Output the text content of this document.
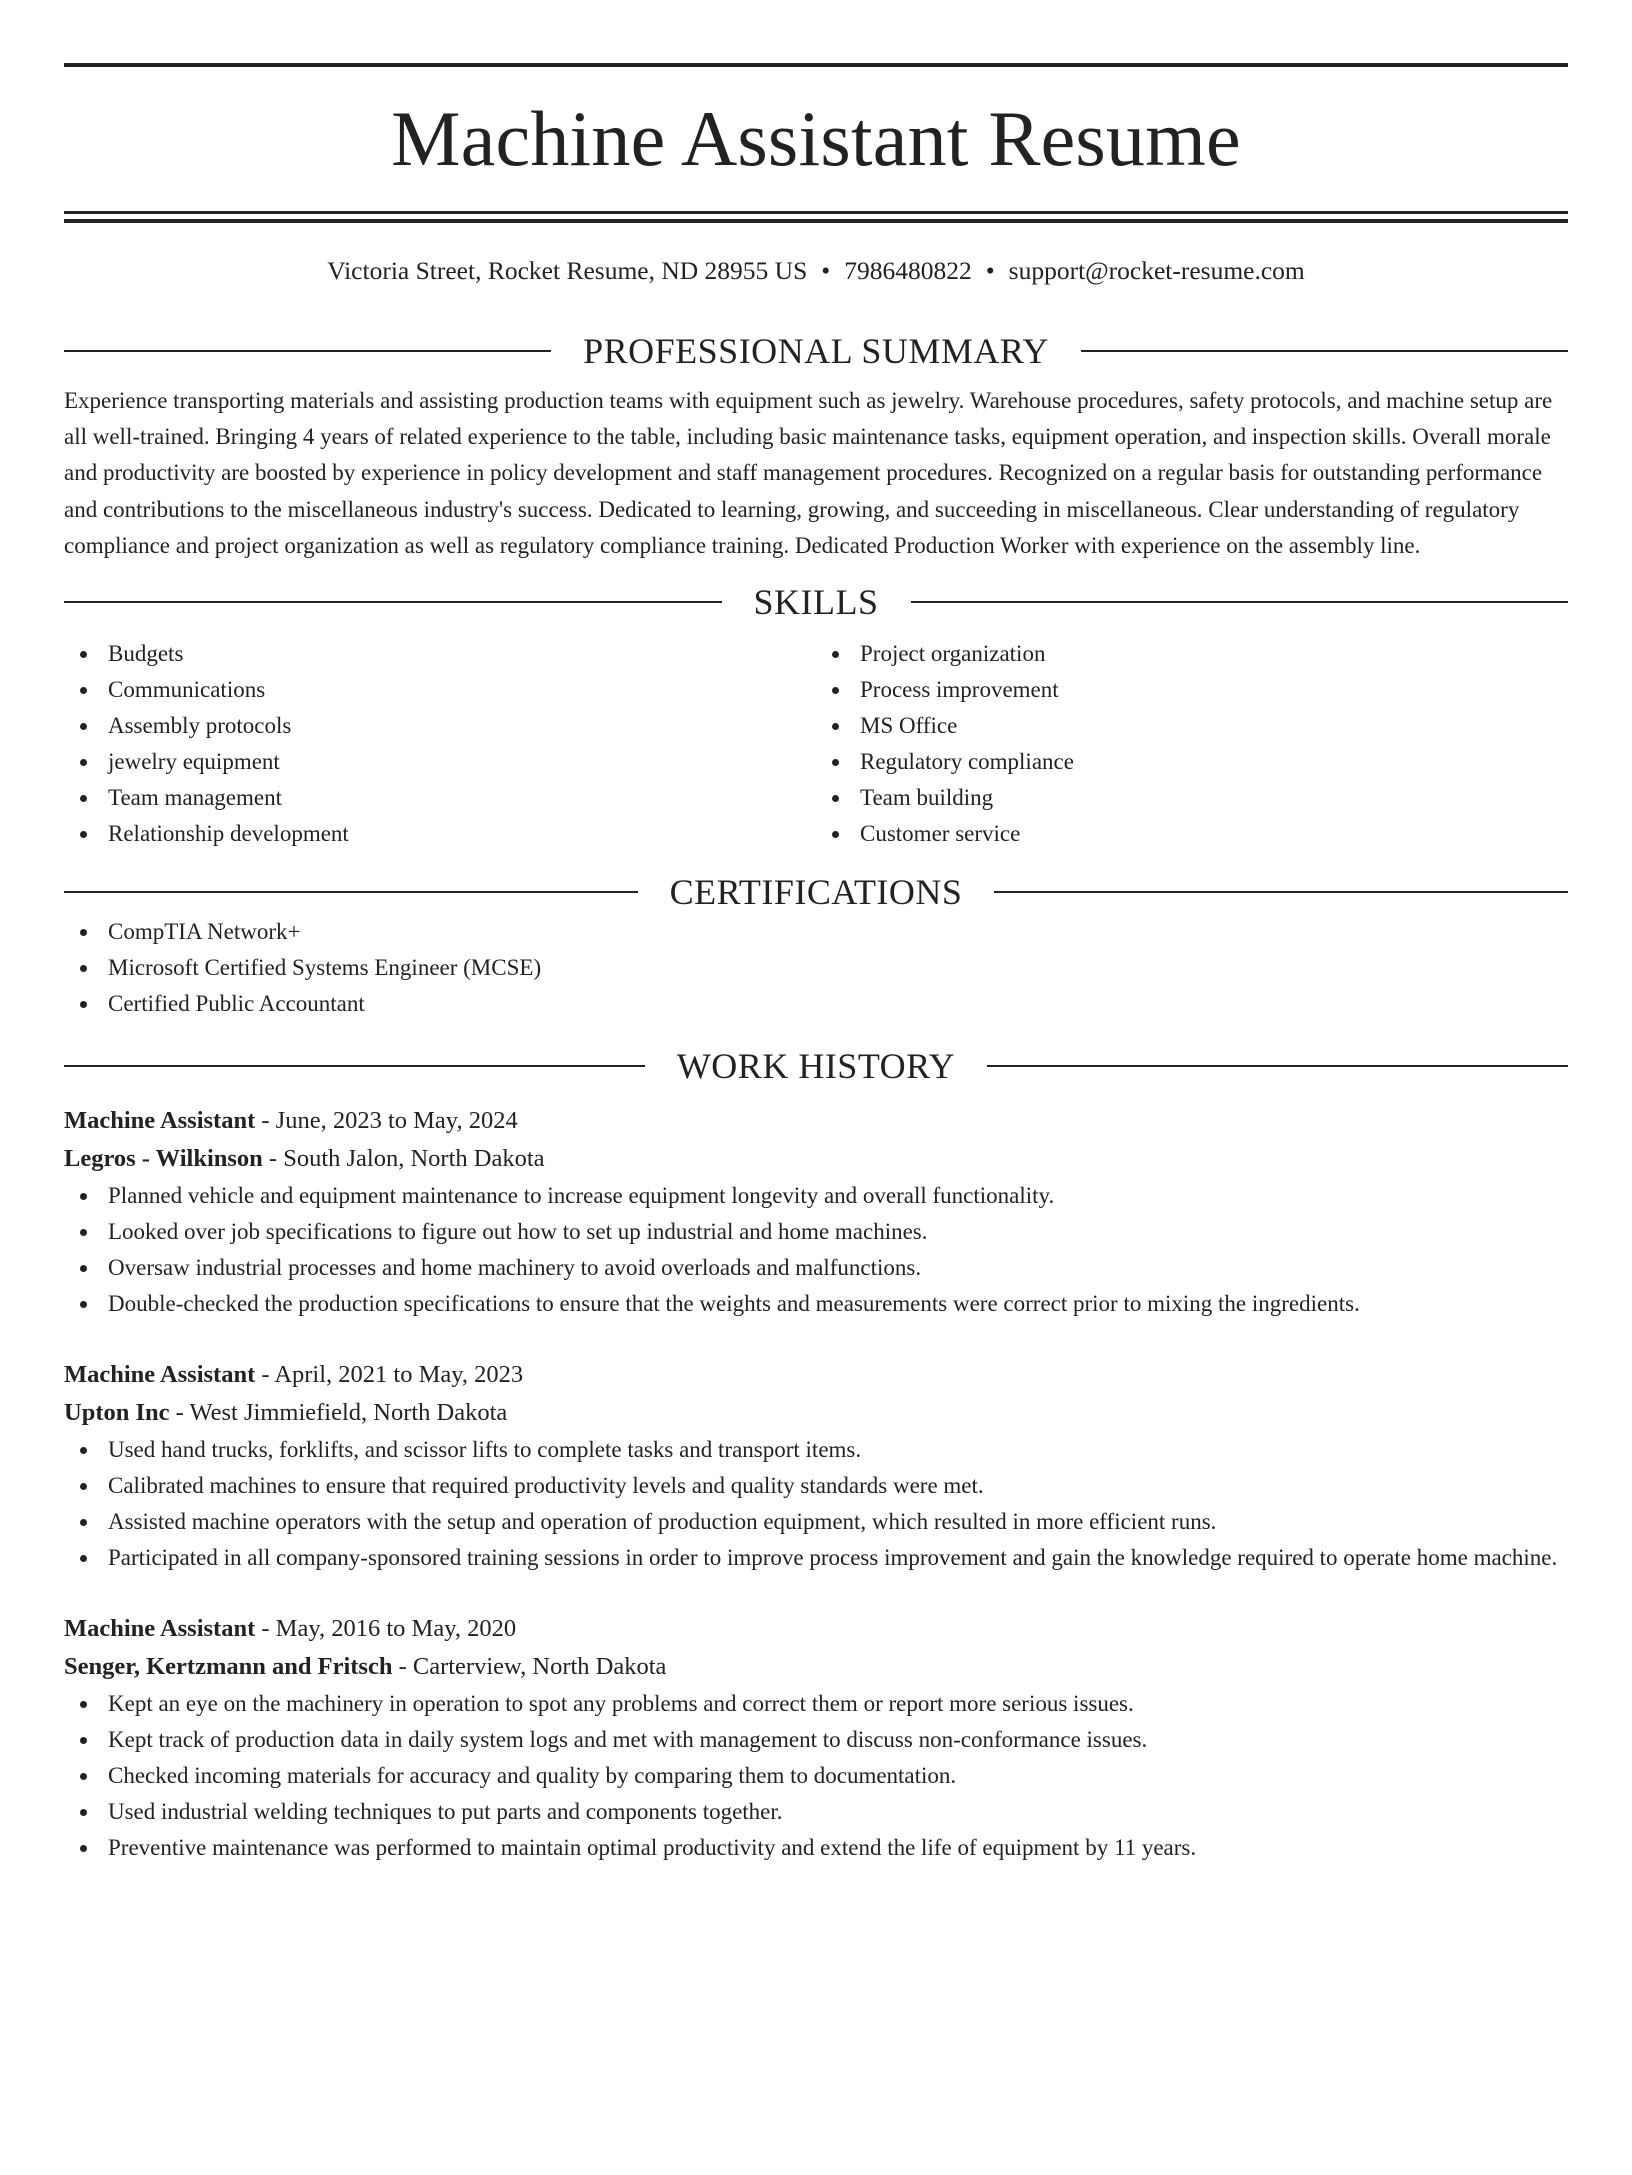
Machine Assistant Resume
Victoria Street, Rocket Resume, ND 28955 US • 7986480822 • support@rocket-resume.com
PROFESSIONAL SUMMARY

Experience transporting materials and assisting production teams with equipment such as jewelry. Warehouse procedures, safety protocols, and machine setup are all well-trained. Bringing 4 years of related experience to the table, including basic maintenance tasks, equipment operation, and inspection skills. Overall morale and productivity are boosted by experience in policy development and staff management procedures. Recognized on a regular basis for outstanding performance and contributions to the miscellaneous industry's success. Dedicated to learning, growing, and succeeding in miscellaneous. Clear understanding of regulatory compliance and project organization as well as regulatory compliance training. Dedicated Production Worker with experience on the assembly line.

SKILLS
Budgets
Communications
Assembly protocols
jewelry equipment
Team management
Relationship development
Project organization
Process improvement
MS Office
Regulatory compliance
Team building
Customer service
CERTIFICATIONS
CompTIA Network+
Microsoft Certified Systems Engineer (MCSE)
Certified Public Accountant
WORK HISTORY
Machine Assistant - June, 2023 to May, 2024
Legros - Wilkinson - South Jalon, North Dakota
Planned vehicle and equipment maintenance to increase equipment longevity and overall functionality.
Looked over job specifications to figure out how to set up industrial and home machines.
Oversaw industrial processes and home machinery to avoid overloads and malfunctions.
Double-checked the production specifications to ensure that the weights and measurements were correct prior to mixing the ingredients.
Machine Assistant - April, 2021 to May, 2023
Upton Inc - West Jimmiefield, North Dakota
Used hand trucks, forklifts, and scissor lifts to complete tasks and transport items.
Calibrated machines to ensure that required productivity levels and quality standards were met.
Assisted machine operators with the setup and operation of production equipment, which resulted in more efficient runs.
Participated in all company-sponsored training sessions in order to improve process improvement and gain the knowledge required to operate home machine.
Machine Assistant - May, 2016 to May, 2020
Senger, Kertzmann and Fritsch - Carterview, North Dakota
Kept an eye on the machinery in operation to spot any problems and correct them or report more serious issues.
Kept track of production data in daily system logs and met with management to discuss non-conformance issues.
Checked incoming materials for accuracy and quality by comparing them to documentation.
Used industrial welding techniques to put parts and components together.
Preventive maintenance was performed to maintain optimal productivity and extend the life of equipment by 11 years.
